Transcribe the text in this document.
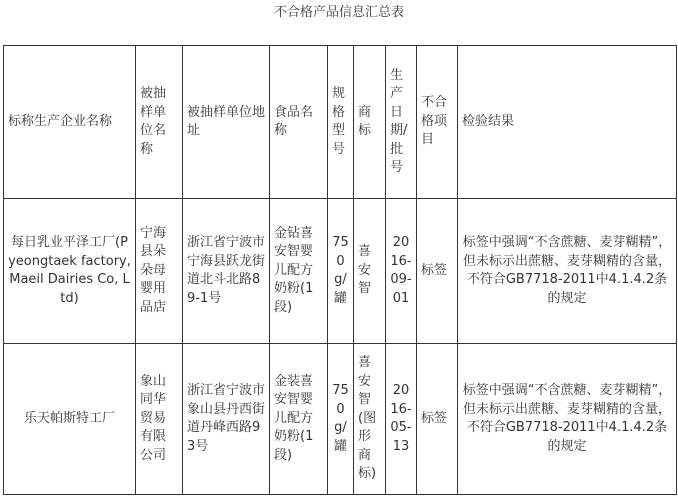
不合格产品信息汇总表
标称生产企业名称	被抽样单位名称	被抽样单位地址	食品名称	规格型号	商标	生产日期/批号	不合格项目	检验结果
每日乳业平泽工厂(Pyeongtaek factory, Maeil Dairies Co, Ltd)	宁海县朵朵母婴用品店	浙江省宁波市宁海县跃龙街道北斗北路89-1号	金钻喜安智婴儿配方奶粉(1段)	750g/罐	喜安智	2016-09-01	标签	标签中强调“不含蔗糖、麦芽糊精”，但未标示出蔗糖、麦芽糊精的含量，不符合GB7718-2011中4.1.4.2条的规定
乐天帕斯特工厂	象山同华贸易有限公司	浙江省宁波市象山县丹西街道丹峰西路93号	金装喜安智婴儿配方奶粉(1段)	750g/罐	喜安智(图形商标)	2016-05-13	标签	标签中强调“不含蔗糖、麦芽糊精”，但未标示出蔗糖、麦芽糊精的含量，不符合GB7718-2011中4.1.4.2条的规定
